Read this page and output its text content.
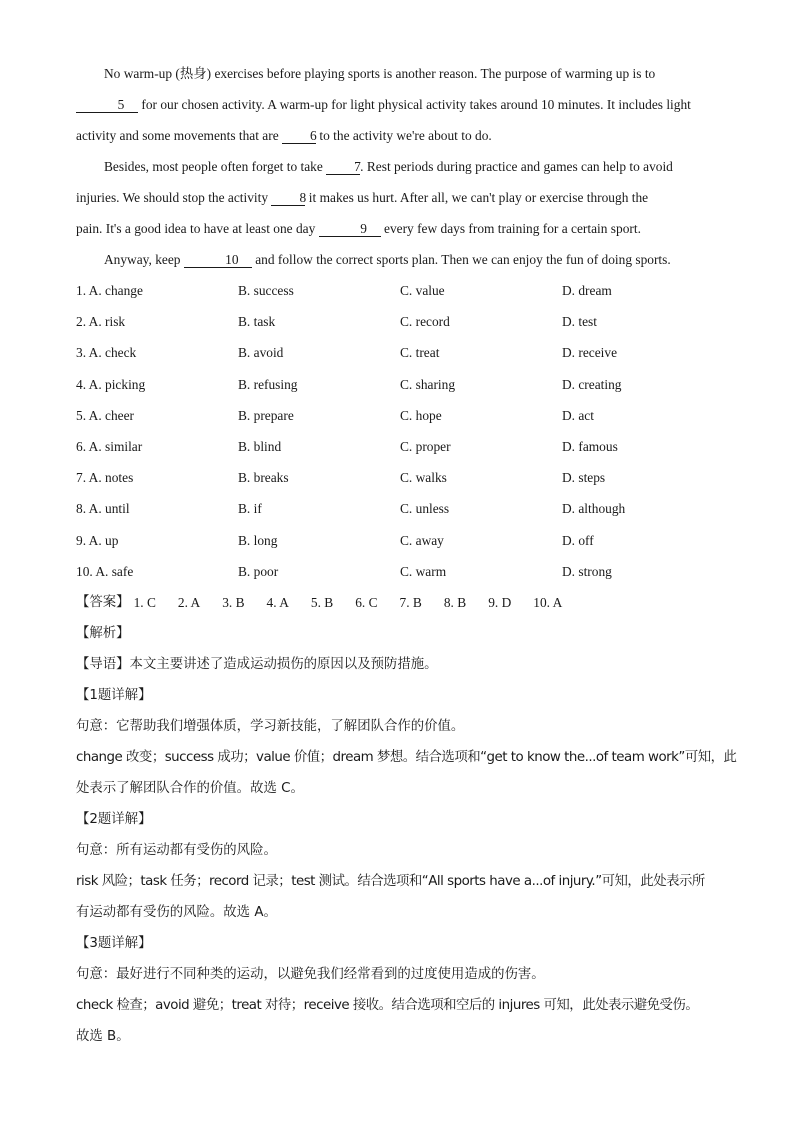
No warm-up (热身) exercises before playing sports is another reason. The purpose of warming up is to
5 for our chosen activity. A warm-up for light physical activity takes around 10 minutes. It includes light
activity and some movements that are 6 to the activity we're about to do.

Besides, most people often forget to take 7. Rest periods during practice and games can help to avoid
injuries. We should stop the activity 8 it makes us hurt. After all, we can't play or exercise through the
pain. It's a good idea to have at least one day	9 every few days from training for a certain sport.

Anyway, keep	10 and follow the correct sports plan. Then we can enjoy the fun of doing sports.

1. A. change	B. success	C. value	D. dream
2. A. risk	B. task	C. record	D. test
3. A. check	B. avoid	C. treat	D. receive
4. A. picking	B. refusing	C. sharing	D. creating
5. A. cheer	B. prepare	C. hope	D. act
6. A. similar	B. blind	C. proper	D. famous
7. A. notes	B. breaks	C. walks	D. steps
8. A. until	B. if	C. unless	D. although
9. A. up	B. long	C. away	D. off
10. A. safe	B. poor	C. warm	D. strong
【答案】 1. C 2. A 3. B 4. A 5. B 6. C 7. B 8. B 9. D 10. A
【解析】
【导语】本文主要讲述了造成运动损伤的原因以及预防措施。
【1题详解】
句意：它帮助我们增强体质，学习新技能，了解团队合作的价值。
change 改变；success 成功；value 价值；dream 梦想。结合选项和“get to know the...of team work”可知，此
处表示了解团队合作的价值。故选 C。
【2题详解】
句意：所有运动都有受伤的风险。
risk 风险；task 任务；record 记录；test 测试。结合选项和“All sports have a...of injury.”可知，此处表示所
有运动都有受伤的风险。故选 A。
【3题详解】
句意：最好进行不同种类的运动，以避免我们经常看到的过度使用造成的伤害。
check 检查；avoid 避免；treat 对待；receive 接收。结合选项和空后的 injures 可知，此处表示避免受伤。
故选 B。
